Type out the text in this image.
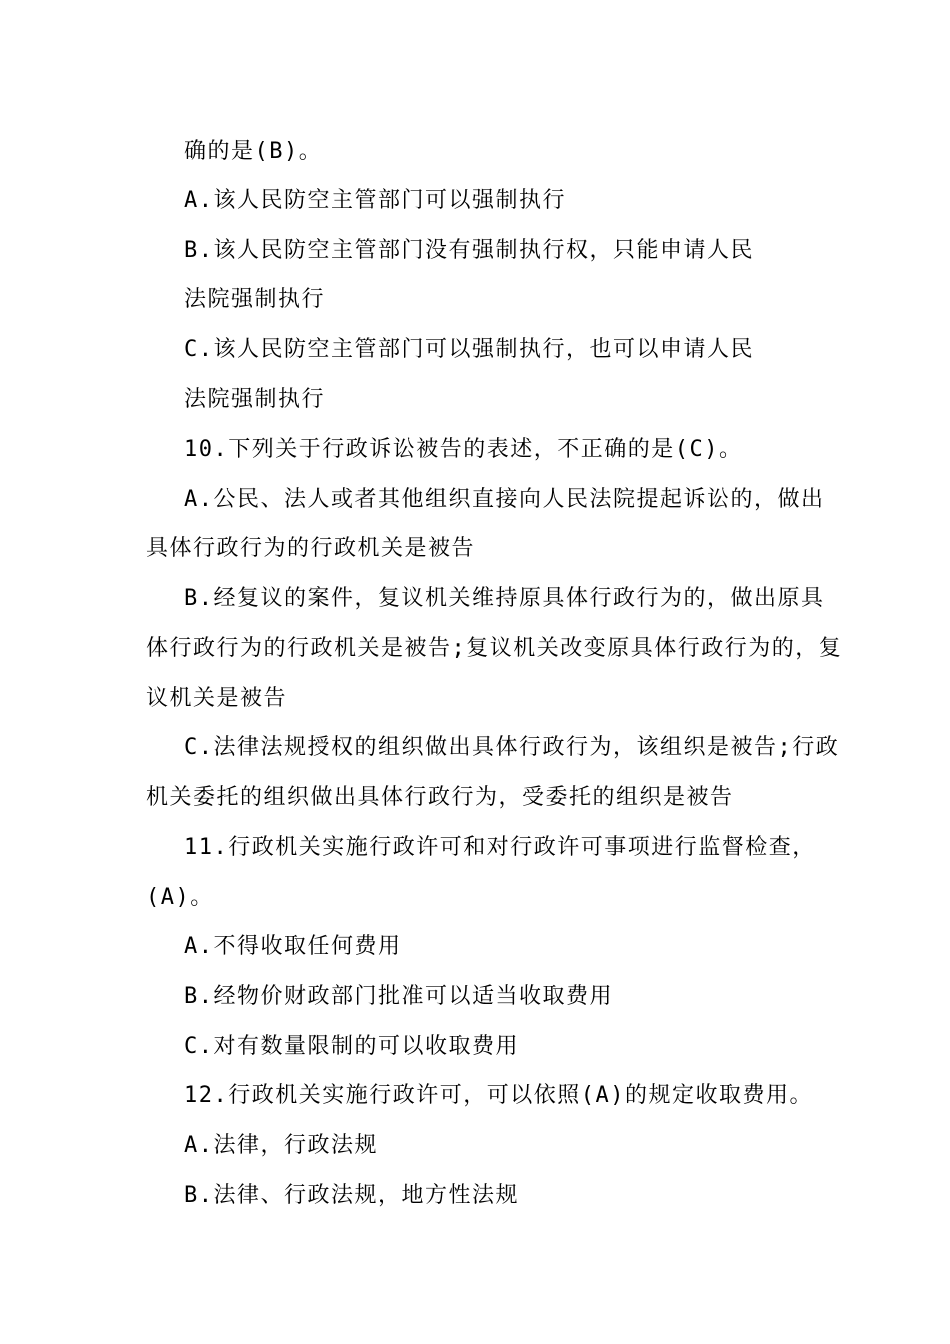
确的是(B)。
A.该人民防空主管部门可以强制执行
B.该人民防空主管部门没有强制执行权，只能申请人民
法院强制执行
C.该人民防空主管部门可以强制执行，也可以申请人民
法院强制执行
10.下列关于行政诉讼被告的表述，不正确的是(C)。
A.公民、法人或者其他组织直接向人民法院提起诉讼的，做出
具体行政行为的行政机关是被告
B.经复议的案件，复议机关维持原具体行政行为的，做出原具
体行政行为的行政机关是被告;复议机关改变原具体行政行为的，复
议机关是被告
C.法律法规授权的组织做出具体行政行为，该组织是被告;行政
机关委托的组织做出具体行政行为，受委托的组织是被告
11.行政机关实施行政许可和对行政许可事项进行监督检查，
(A)。
A.不得收取任何费用
B.经物价财政部门批准可以适当收取费用
C.对有数量限制的可以收取费用
12.行政机关实施行政许可，可以依照(A)的规定收取费用。
A.法律，行政法规
B.法律、行政法规，地方性法规
